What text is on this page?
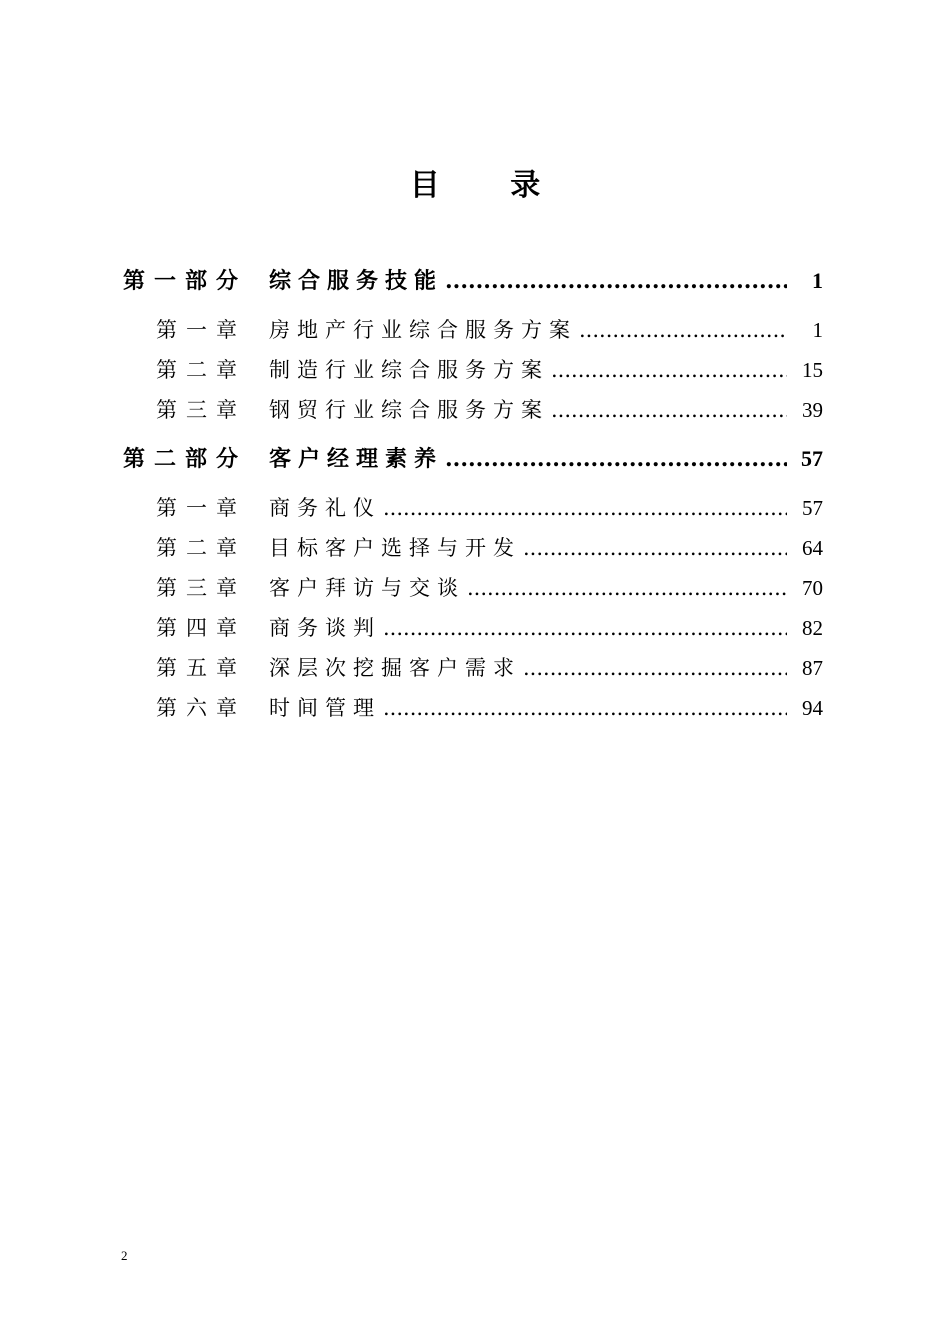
目 录
第一部分 综合服务技能 .....	1
第一章	房地产行业综合服务方案 .....	1
第二章	制造行业综合服务方案 .....	15
第三章	钢贸行业综合服务方案 .....	39
第二部分 客户经理素养 .....	57
第一章	商务礼仪 .....	57
第二章	目标客户选择与开发 .....	64
第三章	客户拜访与交谈 .....	70
第四章	商务谈判 .....	82
第五章	深层次挖掘客户需求 .....	87
第六章	时间管理 .....	94
2
